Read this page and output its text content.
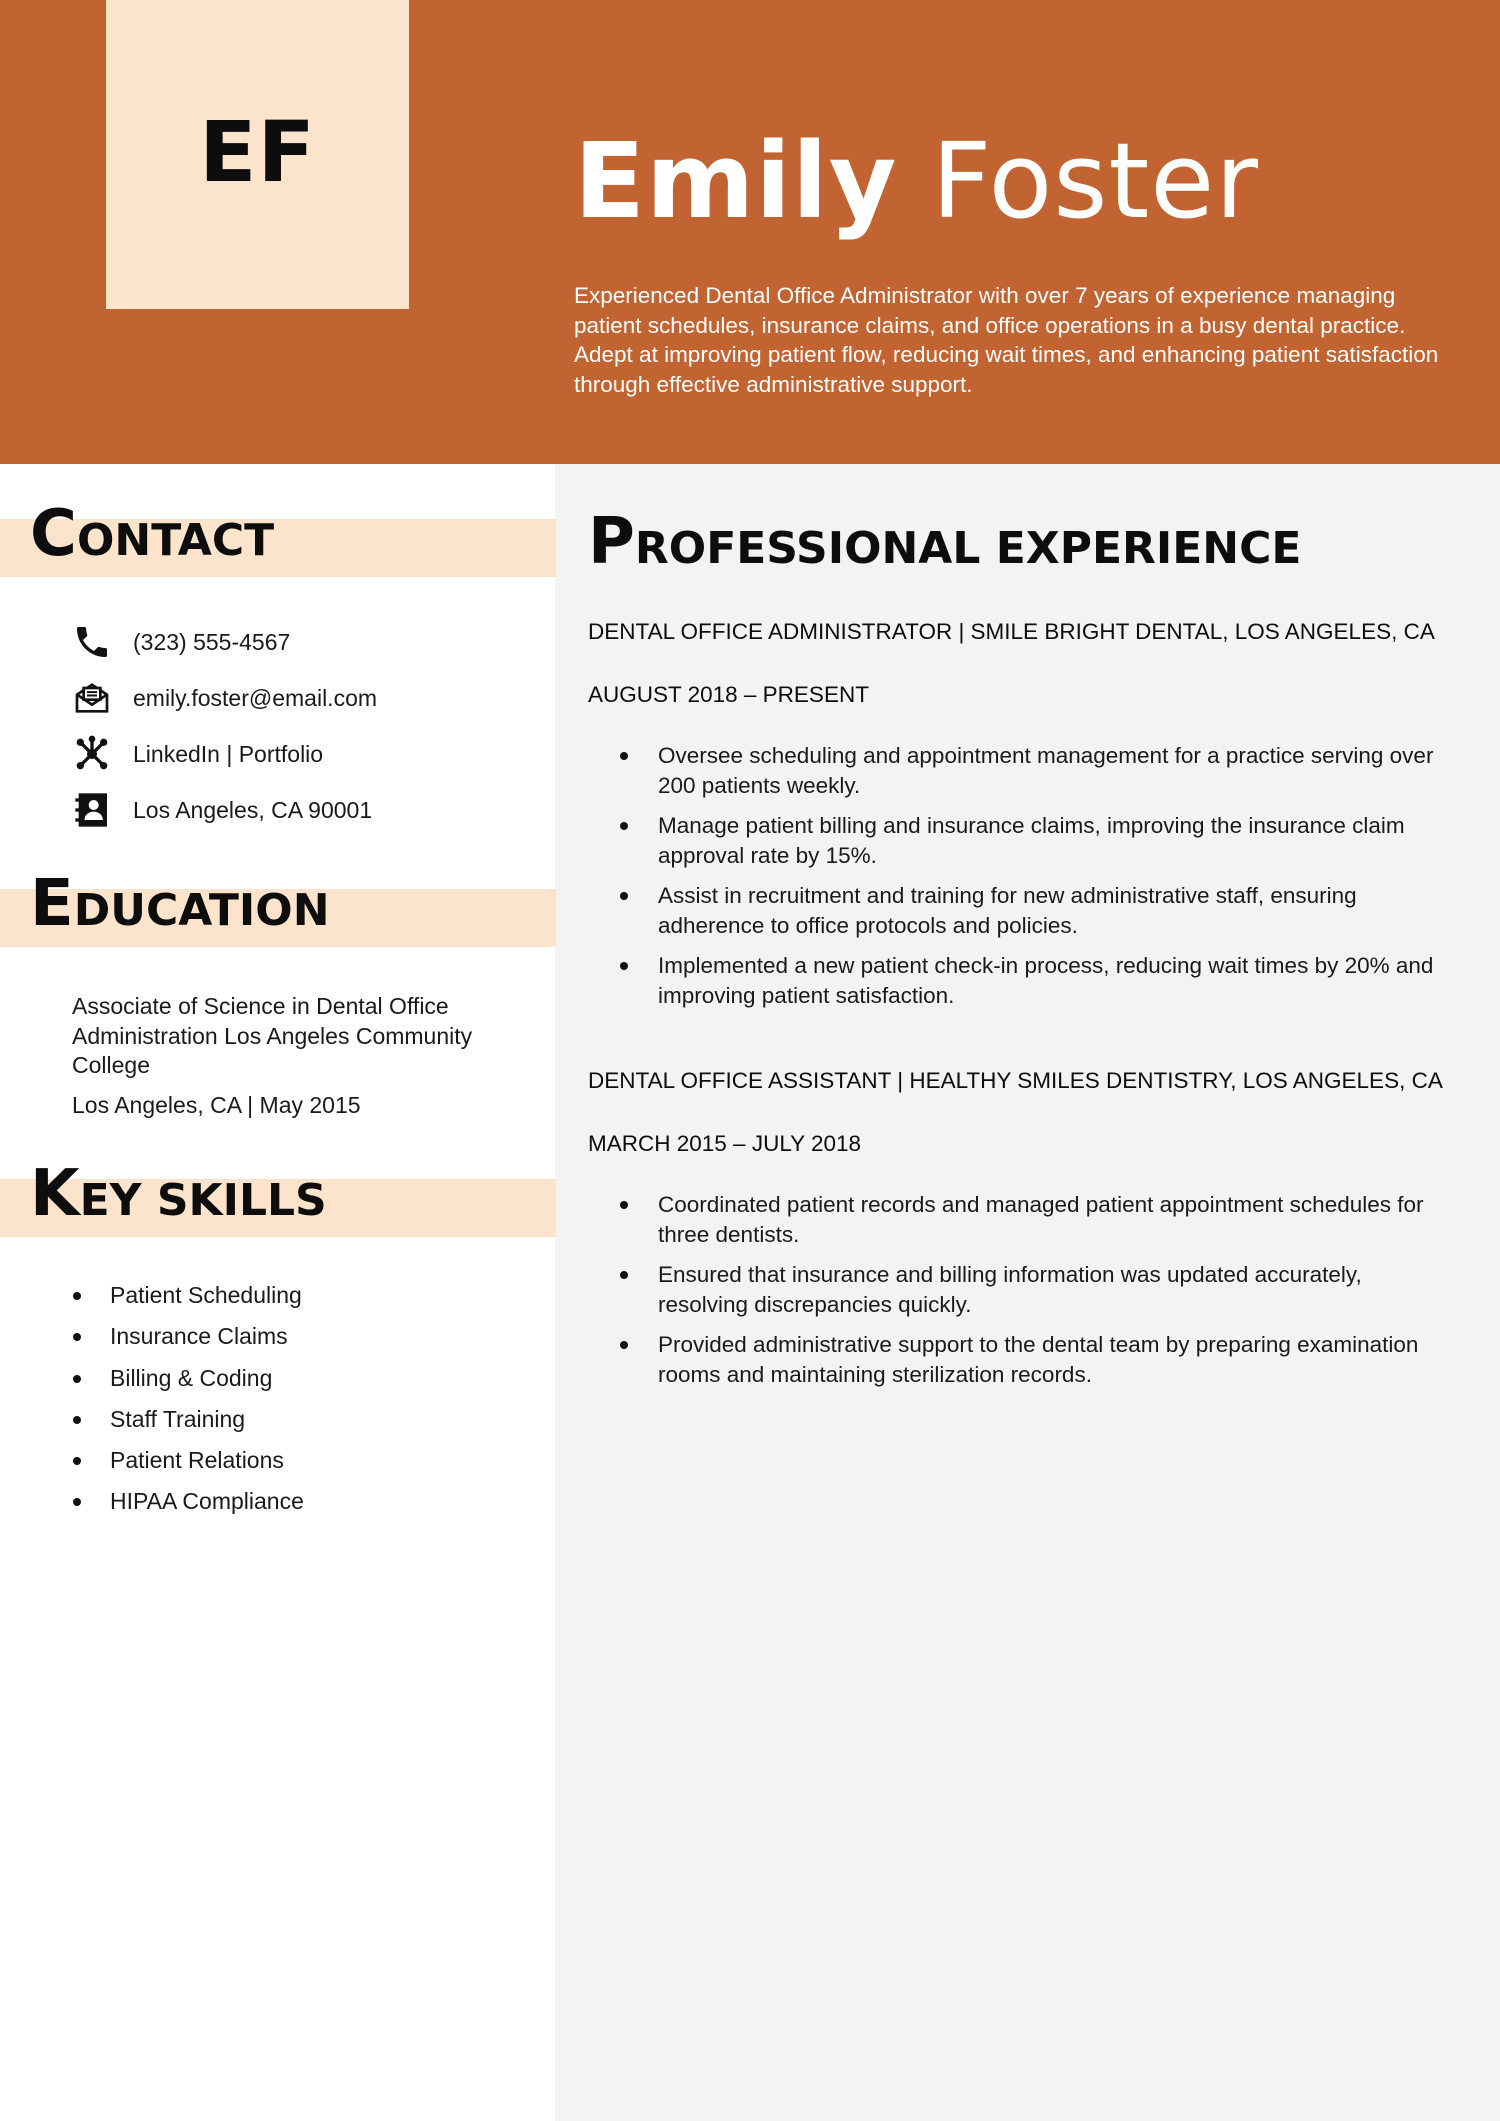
EF Emily Foster

Experienced Dental Office Administrator with over 7 years of experience managing patient schedules, insurance claims, and office operations in a busy dental practice. Adept at improving patient flow, reducing wait times, and enhancing patient satisfaction through effective administrative support.

CONTACT
(323) 555-4567
emily.foster@email.com
LinkedIn | Portfolio
Los Angeles, CA 90001
EDUCATION

Associate of Science in Dental Office Administration Los Angeles Community College

Los Angeles, CA | May 2015

KEY SKILLS
Patient Scheduling
Insurance Claims
Billing & Coding
Staff Training
Patient Relations
HIPAA Compliance
PROFESSIONAL EXPERIENCE

DENTAL OFFICE ADMINISTRATOR | SMILE BRIGHT DENTAL, LOS ANGELES, CA

AUGUST 2018 – PRESENT

Oversee scheduling and appointment management for a practice serving over 200 patients weekly.
Manage patient billing and insurance claims, improving the insurance claim approval rate by 15%.
Assist in recruitment and training for new administrative staff, ensuring adherence to office protocols and policies.
Implemented a new patient check-in process, reducing wait times by 20% and improving patient satisfaction.

DENTAL OFFICE ASSISTANT | HEALTHY SMILES DENTISTRY, LOS ANGELES, CA

MARCH 2015 – JULY 2018

Coordinated patient records and managed patient appointment schedules for three dentists.
Ensured that insurance and billing information was updated accurately, resolving discrepancies quickly.
Provided administrative support to the dental team by preparing examination rooms and maintaining sterilization records.
